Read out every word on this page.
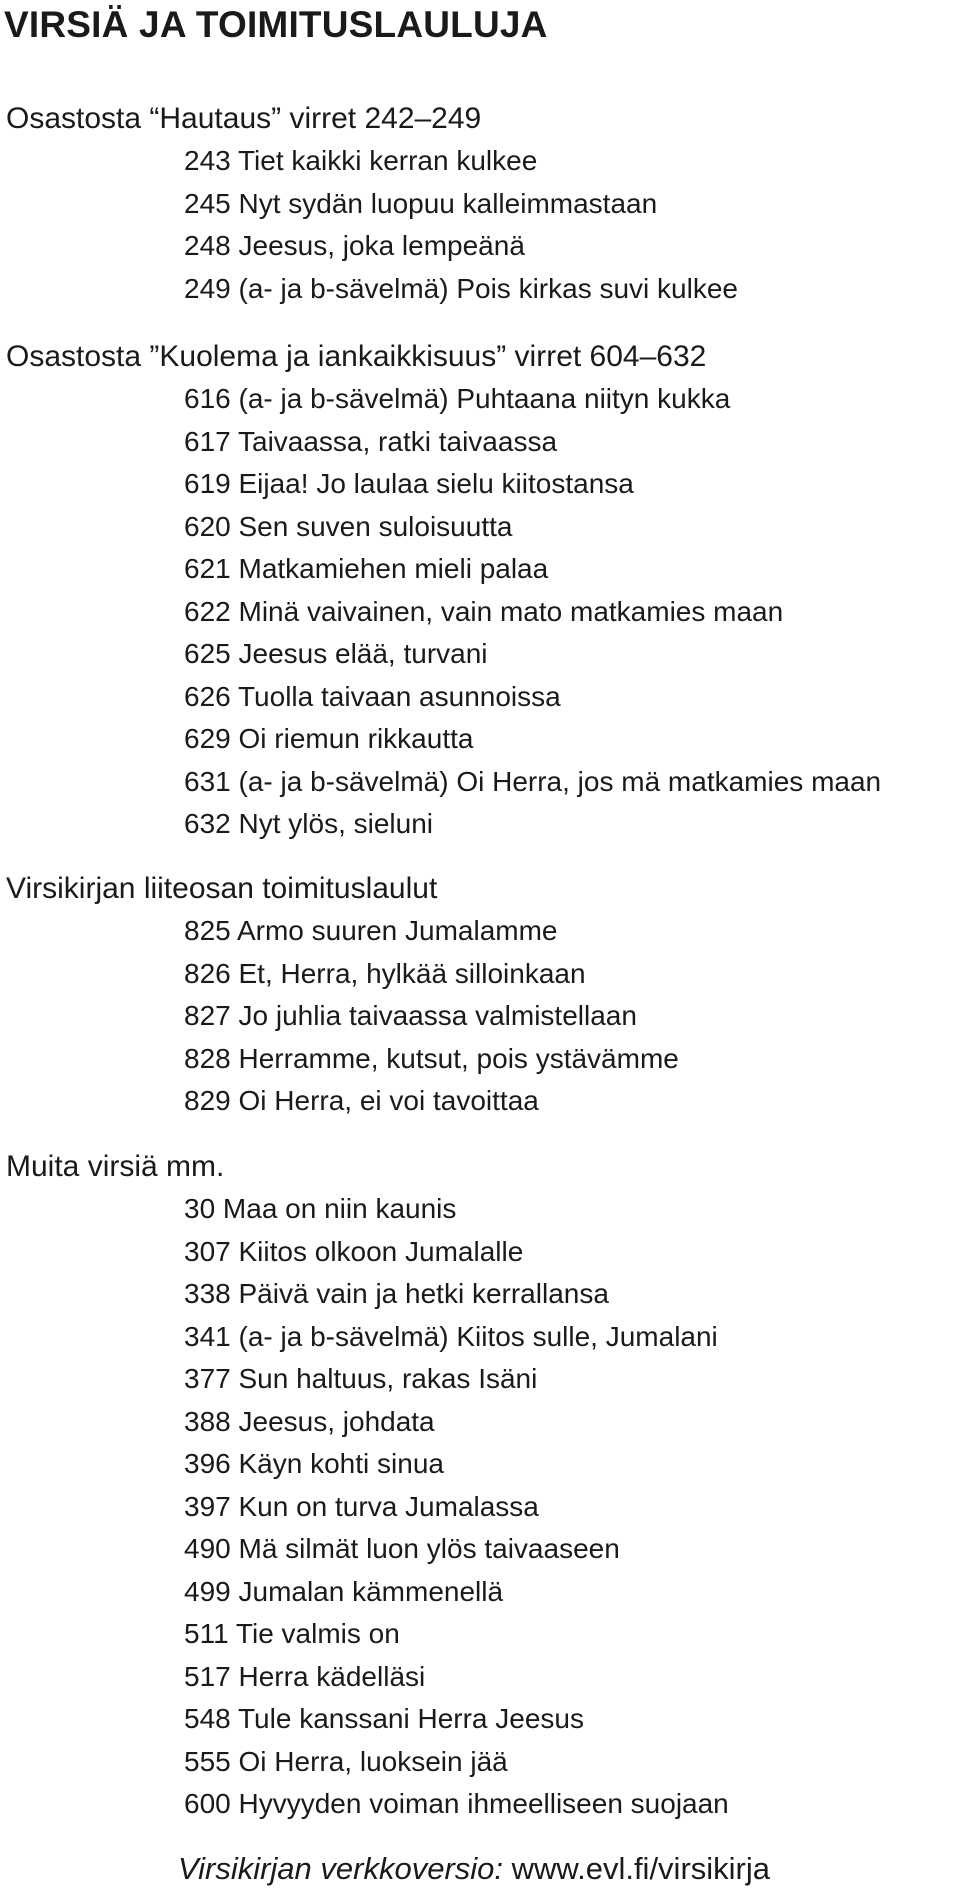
VIRSIÄ JA TOIMITUSLAULUJA
Osastosta “Hautaus” virret 242–249
243 Tiet kaikki kerran kulkee
245 Nyt sydän luopuu kalleimmastaan
248 Jeesus, joka lempeänä
249 (a- ja b-sävelmä) Pois kirkas suvi kulkee
Osastosta ”Kuolema ja iankaikkisuus” virret 604–632
616 (a- ja b-sävelmä) Puhtaana niityn kukka
617 Taivaassa, ratki taivaassa
619 Eijaa! Jo laulaa sielu kiitostansa
620 Sen suven suloisuutta
621 Matkamiehen mieli palaa
622 Minä vaivainen, vain mato matkamies maan
625 Jeesus elää, turvani
626 Tuolla taivaan asunnoissa
629 Oi riemun rikkautta
631 (a- ja b-sävelmä) Oi Herra, jos mä matkamies maan
632 Nyt ylös, sieluni
Virsikirjan liiteosan toimituslaulut
825 Armo suuren Jumalamme
826 Et, Herra, hylkää silloinkaan
827 Jo juhlia taivaassa valmistellaan
828 Herramme, kutsut, pois ystävämme
829 Oi Herra, ei voi tavoittaa
Muita virsiä mm.
30 Maa on niin kaunis
307 Kiitos olkoon Jumalalle
338 Päivä vain ja hetki kerrallansa
341 (a- ja b-sävelmä) Kiitos sulle, Jumalani
377 Sun haltuus, rakas Isäni
388 Jeesus, johdata
396 Käyn kohti sinua
397 Kun on turva Jumalassa
490 Mä silmät luon ylös taivaaseen
499 Jumalan kämmenellä
511 Tie valmis on
517 Herra kädelläsi
548 Tule kanssani Herra Jeesus
555 Oi Herra, luoksein jää
600 Hyvyyden voiman ihmeelliseen suojaan
Virsikirjan verkkoversio: www.evl.fi/virsikirja
